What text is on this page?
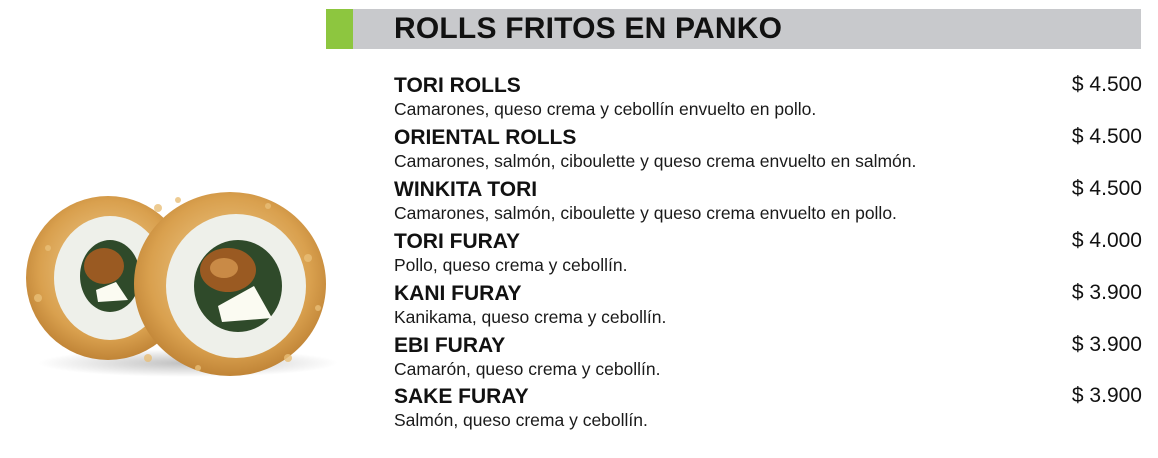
ROLLS FRITOS EN PANKO
TORI ROLLS	$ 4.500
Camarones, queso crema y cebollín envuelto en pollo.
ORIENTAL ROLLS	$ 4.500
Camarones, salmón, ciboulette y queso crema envuelto en salmón.
WINKITA TORI	$ 4.500
Camarones, salmón, ciboulette y queso crema envuelto en pollo.
TORI FURAY	$ 4.000
Pollo, queso crema y cebollín.
KANI FURAY	$ 3.900
Kanikama, queso crema y cebollín.
EBI FURAY	$ 3.900
Camarón, queso crema y cebollín.
SAKE FURAY	$ 3.900
Salmón, queso crema y cebollín.
